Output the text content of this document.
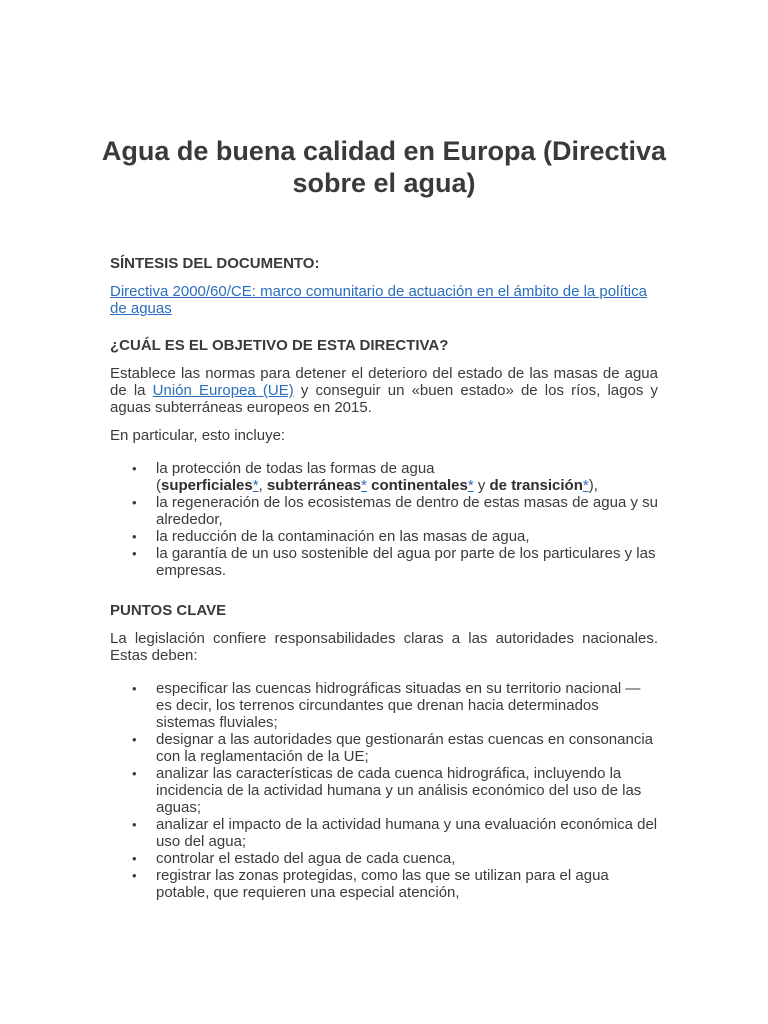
Agua de buena calidad en Europa (Directiva
sobre el agua)
SÍNTESIS DEL DOCUMENTO:

Directiva 2000/60/CE: marco comunitario de actuación en el ámbito de la política de aguas

¿CUÁL ES EL OBJETIVO DE ESTA DIRECTIVA?

Establece las normas para detener el deterioro del estado de las masas de agua de la Unión Europea (UE) y conseguir un «buen estado» de los ríos, lagos y aguas subterráneas europeos en 2015.

En particular, esto incluye:

• la protección de todas las formas de agua
(superficiales*, subterráneas* continentales* y de transición*),
• la regeneración de los ecosistemas de dentro de estas masas de agua y su alrededor,
• la reducción de la contaminación en las masas de agua,
• la garantía de un uso sostenible del agua por parte de los particulares y las empresas.
PUNTOS CLAVE

La legislación confiere responsabilidades claras a las autoridades nacionales. Estas deben:

• especificar las cuencas hidrográficas situadas en su territorio nacional — es decir, los terrenos circundantes que drenan hacia determinados sistemas fluviales;
• designar a las autoridades que gestionarán estas cuencas en consonancia con la reglamentación de la UE;
• analizar las características de cada cuenca hidrográfica, incluyendo la incidencia de la actividad humana y un análisis económico del uso de las aguas;
• analizar el impacto de la actividad humana y una evaluación económica del uso del agua;
• controlar el estado del agua de cada cuenca,
• registrar las zonas protegidas, como las que se utilizan para el agua potable, que requieren una especial atención,
